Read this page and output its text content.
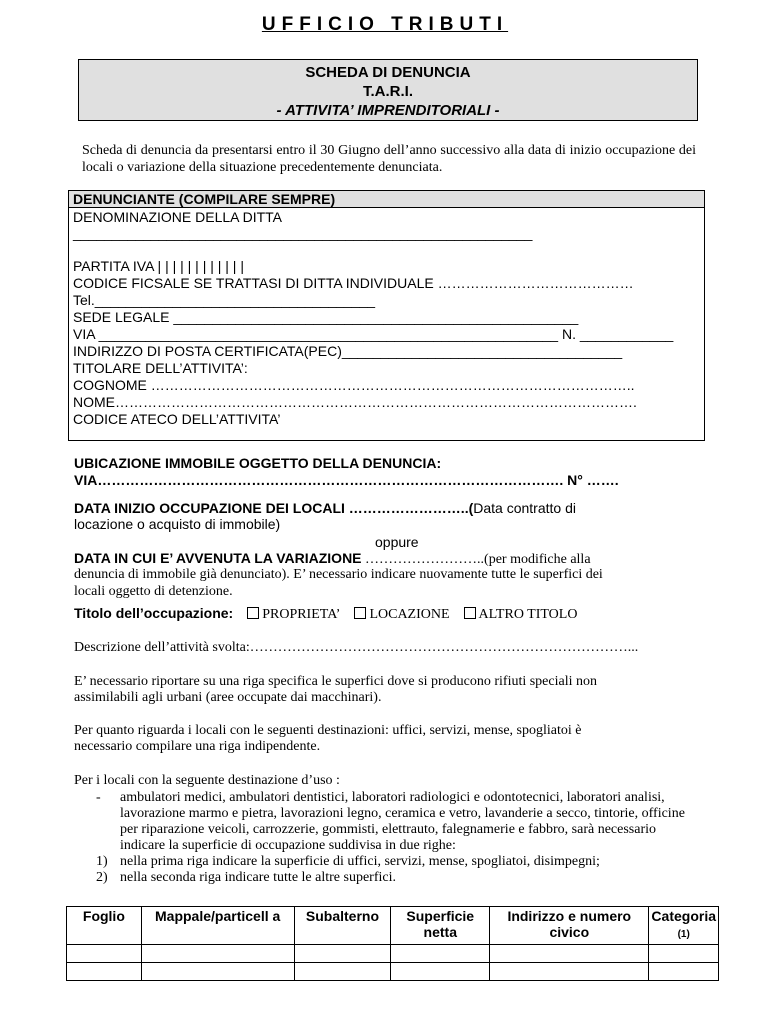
UFFICIO TRIBUTI
SCHEDA DI DENUNCIA
T.A.R.I.
- ATTIVITA’ IMPRENDITORIALI -
Scheda di denuncia da presentarsi entro il 30 Giugno dell’anno successivo alla data di inizio occupazione dei locali o variazione della situazione precedentemente denunciata.
DENUNCIANTE (COMPILARE SEMPRE)
DENOMINAZIONE DELLA DITTA
___________________________________________________________
PARTITA IVA | | | | | | | | | | | |
CODICE FICSALE SE TRATTASI DI DITTA INDIVIDUALE ……………………………………
Tel.____________________________________
SEDE LEGALE ____________________________________________________
VIA ___________________________________________________________ N. ____________
INDIRIZZO DI POSTA CERTIFICATA(PEC)____________________________________
TITOLARE DELL’ATTIVITA’:
COGNOME …………………………………………………………………………………………..
NOME………………………………………………………………………………………………….
CODICE ATECO DELL’ATTIVITA’
UBICAZIONE IMMOBILE OGGETTO DELLA DENUNCIA:
VIA………………………………………………………………………………………. N° …….
DATA INIZIO OCCUPAZIONE DEI LOCALI ……………………..(Data contratto di
locazione o acquisto di immobile)
oppure
DATA IN CUI E’ AVVENUTA LA VARIAZIONE ……………………..(per modifiche alla
denuncia di immobile già denunciato). E’ necessario indicare nuovamente tutte le superfici dei
locali oggetto di detenzione.
Titolo dell’occupazione: PROPRIETA’ LOCAZIONE ALTRO TITOLO
Descrizione dell’attività svolta:………………………………………………………………………...
E’ necessario riportare su una riga specifica le superfici dove si producono rifiuti speciali non
assimilabili agli urbani (aree occupate dai macchinari).
Per quanto riguarda i locali con le seguenti destinazioni: uffici, servizi, mense, spogliatoi è
necessario compilare una riga indipendente.
Per i locali con la seguente destinazione d’uso :
- ambulatori medici, ambulatori dentistici, laboratori radiologici e odontotecnici, laboratori analisi, lavorazione marmo e pietra, lavorazioni legno, ceramica e vetro, lavanderie a secco, tintorie, officine per riparazione veicoli, carrozzerie, gommisti, elettrauto, falegnamerie e fabbro, sarà necessario indicare la superficie di occupazione suddivisa in due righe:
1) nella prima riga indicare la superficie di uffici, servizi, mense, spogliatoi, disimpegni;
2) nella seconda riga indicare tutte le altre superfici.
Foglio	Mappale/particell a	Subalterno	Superficie netta	Indirizzo e numero civico	Categoria
(1)
